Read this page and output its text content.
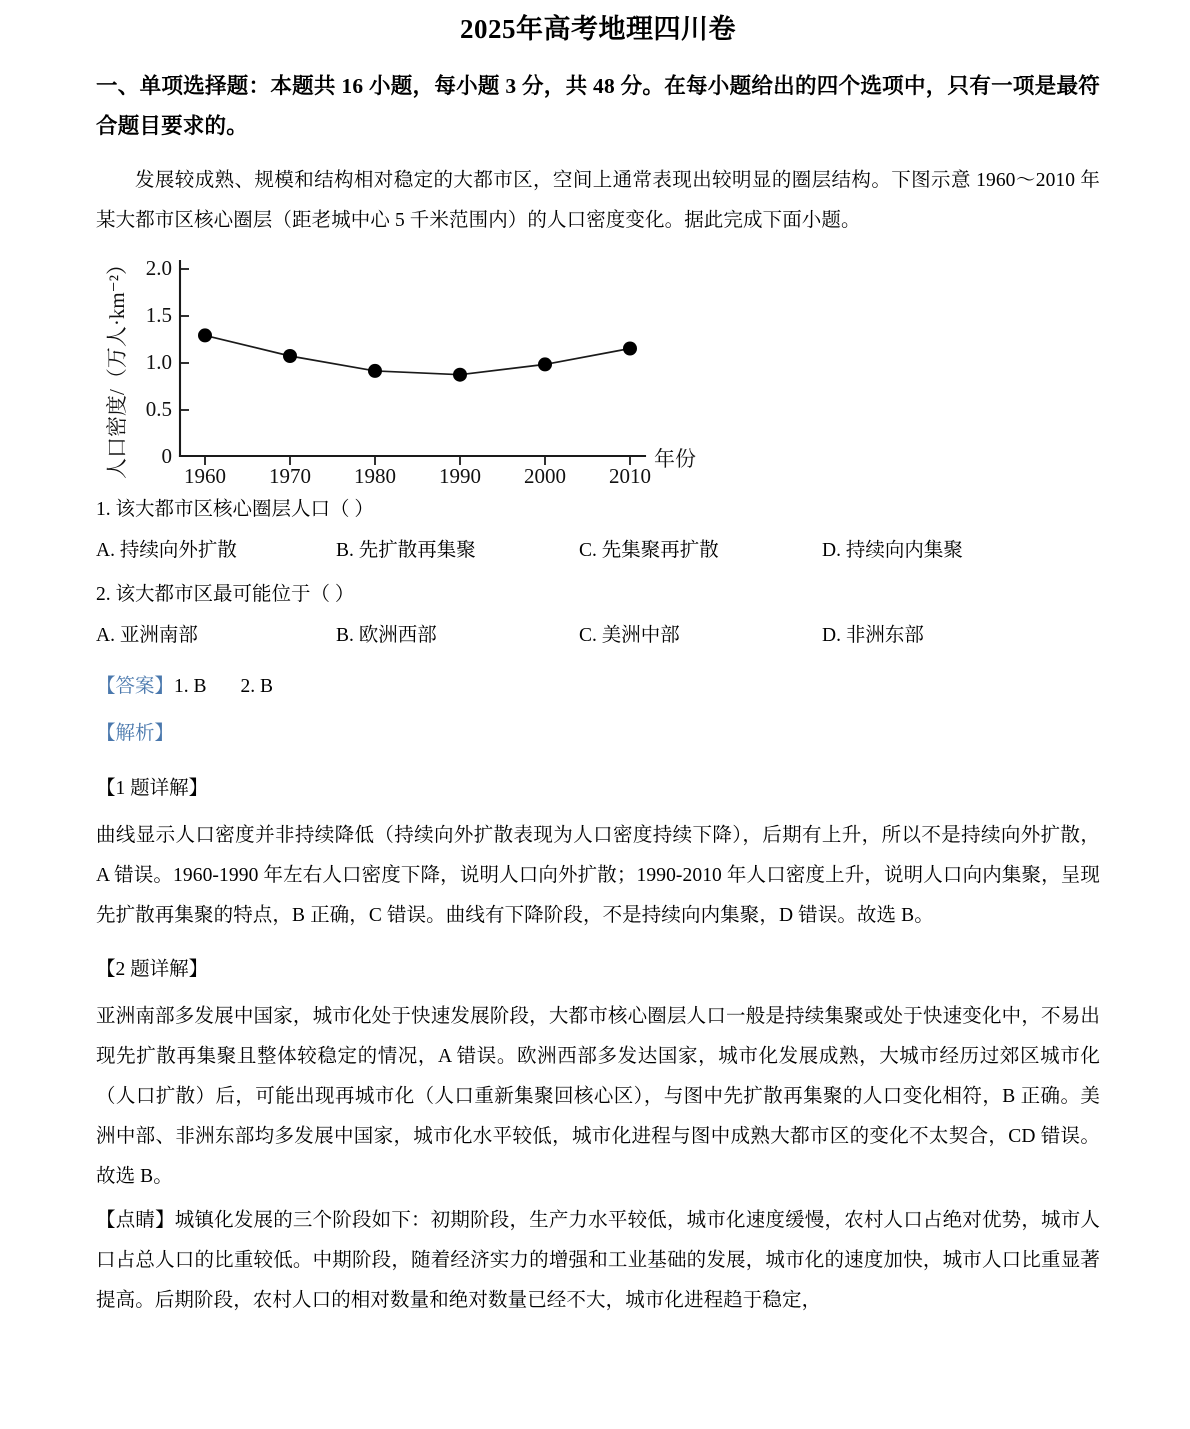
2025年高考地理四川卷

一、单项选择题：本题共 16 小题，每小题 3 分，共 48 分。在每小题给出的四个选项中，只有一项是最符合题目要求的。

发展较成熟、规模和结构相对稳定的大都市区，空间上通常表现出较明显的圈层结构。下图示意 1960～2010 年某大都市区核心圈层（距老城中心 5 千米范围内）的人口密度变化。据此完成下面小题。

人口密度/（万人·km⁻²） 2.0
1.5
1.0
0.5
0
1960 1970 1980 1990 2000 2010
年份

1. 该大都市区核心圈层人口（ ）

A. 持续向外扩散	B. 先扩散再集聚	C. 先集聚再扩散	D. 持续向内集聚

2. 该大都市区最可能位于（ ）

A. 亚洲南部	B. 欧洲西部	C. 美洲中部	D. 非洲东部

【答案】1. B 2. B

【解析】

【1 题详解】

曲线显示人口密度并非持续降低（持续向外扩散表现为人口密度持续下降），后期有上升，所以不是持续向外扩散，A 错误。1960-1990 年左右人口密度下降，说明人口向外扩散；1990-2010 年人口密度上升，说明人口向内集聚，呈现先扩散再集聚的特点，B 正确，C 错误。曲线有下降阶段，不是持续向内集聚，D 错误。故选 B。

【2 题详解】

亚洲南部多发展中国家，城市化处于快速发展阶段，大都市核心圈层人口一般是持续集聚或处于快速变化中，不易出现先扩散再集聚且整体较稳定的情况，A 错误。欧洲西部多发达国家，城市化发展成熟，大城市经历过郊区城市化（人口扩散）后，可能出现再城市化（人口重新集聚回核心区），与图中先扩散再集聚的人口变化相符，B 正确。美洲中部、非洲东部均多发展中国家，城市化水平较低，城市化进程与图中成熟大都市区的变化不太契合，CD 错误。故选 B。

【点睛】城镇化发展的三个阶段如下：初期阶段，生产力水平较低，城市化速度缓慢，农村人口占绝对优势，城市人口占总人口的比重较低。中期阶段，随着经济实力的增强和工业基础的发展，城市化的速度加快，城市人口比重显著提高。后期阶段，农村人口的相对数量和绝对数量已经不大，城市化进程趋于稳定，
